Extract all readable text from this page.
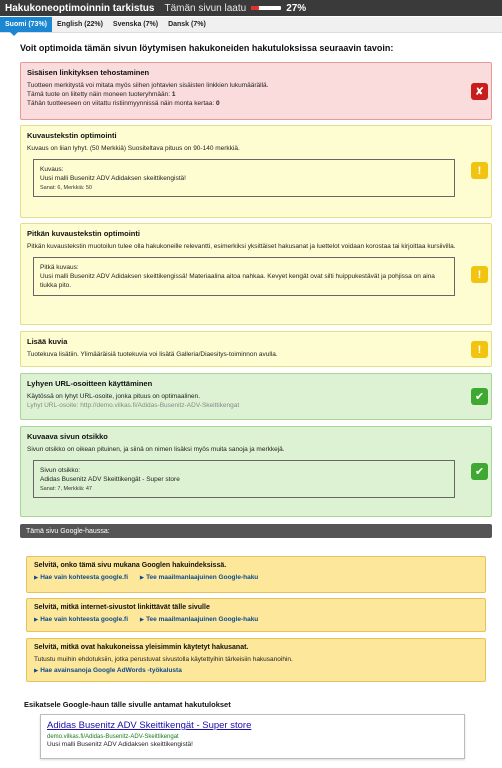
Hakukoneoptimoinnin tarkistus Tämän sivun laatu	27%
Suomi (73%)	English (22%)	Svenska (7%)	Dansk (7%)
Voit optimoida tämän sivun löytymisen hakukoneiden hakutuloksissa seuraavin tavoin:
Sisäisen linkityksen tehostaminen

Tuotteen merkitystä voi mitata myös siihen johtavien sisäisten linkkien lukumäärällä.

Tämä tuote on liitetty näin moneen tuoteryhmään: 1

Tähän tuotteeseen on viitattu ristiinmyynnissä näin monta kertaa: 0

✘
Kuvaustekstin optimointi

Kuvaus on liian lyhyt. (50 Merkkiä) Suositeltava pituus on 90-140 merkkiä.

Kuvaus:
Uusi malli Busenitz ADV Adidaksen skeittikengistä!
Sanat: 6, Merkkiä: 50
!
Pitkän kuvaustekstin optimointi

Pitkän kuvaustekstin muotoilun tulee olla hakukoneille relevantti, esimerkiksi yksittäiset hakusanat ja luettelot voidaan korostaa tai kirjoittaa kursiivilla.

Pitkä kuvaus:
Uusi malli Busenitz ADV Adidaksen skeittikengissä! Materiaalina aitoa nahkaa. Kevyet kengät ovat silti huippukestävät ja pohjissa on aina tiukka pito.
!
Lisää kuvia

Tuotekuva lisätiin. Ylimääräisiä tuotekuvia voi lisätä Galleria/Diaesitys-toiminnon avulla.	!
Lyhyen URL-osoitteen käyttäminen

Käytössä on lyhyt URL-osoite, jonka pituus on optimaalinen.

Lyhyt URL-osoite: http://demo.vilkas.fi/Adidas-Busenitz-ADV-Skeittikengat

✔
Kuvaava sivun otsikko

Sivun otsikko on oikean pituinen, ja siinä on nimen lisäksi myös muita sanoja ja merkkejä.

Sivun otsikko:
Adidas Busenitz ADV Skeittikengät - Super store
Sanat: 7, Merkkiä: 47
✔
Tämä sivu Google-haussa:
Selvitä, onko tämä sivu mukana Googlen hakuindeksissä.

▶ Hae vain kohteesta google.fi ▶ Tee maailmanlaajuinen Google-haku

Selvitä, mitkä internet-sivustot linkittävät tälle sivulle

▶ Hae vain kohteesta google.fi ▶ Tee maailmanlaajuinen Google-haku

Selvitä, mitkä ovat hakukoneissa yleisimmin käytetyt hakusanat.

Tutustu muihin ehdotuksiin, jotka perustuvat sivustolla käytettyihin tärkeisiin hakusanoihin.

▶ Hae avainsanoja Google AdWords -työkalusta

Esikatsele Google-haun tälle sivulle antamat hakutulokset
Adidas Busenitz ADV Skeittikengät - Super store
demo.vilkas.fi/Adidas-Busenitz-ADV-Skeittikengat
Uusi malli Busenitz ADV Adidaksen skeittikengistä!
